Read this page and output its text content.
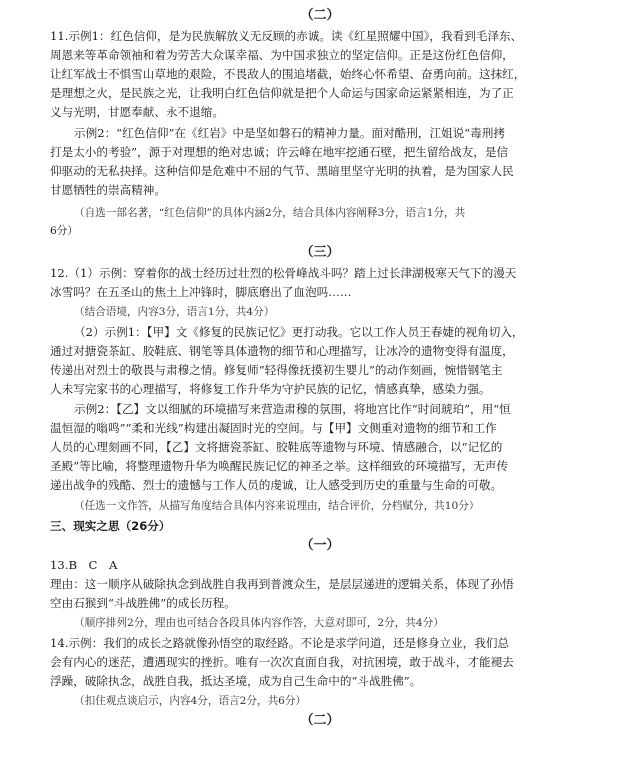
（二）
11.示例1：红色信仰，是为民族解放义无反顾的赤诚。读《红星照耀中国》，我看到毛泽东、
周恩来等革命领袖和着为劳苦大众谋幸福、为中国求独立的坚定信仰。正是这份红色信仰，
让红军战士不惧雪山草地的艰险，不畏敌人的围追堵截，始终心怀希望、奋勇向前。这抹红，
是理想之火，是民族之光，让我明白红色信仰就是把个人命运与国家命运紧紧相连，为了正
义与光明，甘愿奉献、永不退缩。
示例2：“红色信仰”在《红岩》中是坚如磐石的精神力量。面对酷刑，江姐说“毒刑拷
打是太小的考验”，源于对理想的绝对忠诚；许云峰在地牢挖通石壁，把生留给战友，是信
仰驱动的无私抉择。这种信仰是危难中不屈的气节、黑暗里坚守光明的执着，是为国家人民
甘愿牺牲的崇高精神。
（自选一部名著，“红色信仰”的具体内涵2分，结合具体内容阐释3分，语言1分，共
6分）
（三）
12.（1）示例：穿着你的战士经历过壮烈的松骨峰战斗吗？踏上过长津湖极寒天气下的漫天
冰雪吗？在五圣山的焦土上冲锋时，脚底磨出了血泡吗……
（结合语境，内容3分，语言1分，共4分）
（2）示例1：【甲】文《修复的民族记忆》更打动我。它以工作人员王春婕的视角切入，
通过对搪瓷茶缸、胶鞋底、钢笔等具体遗物的细节和心理描写，让冰冷的遗物变得有温度，
传递出对烈士的敬畏与肃穆之情。修复师“轻得像抚摸初生婴儿”的动作刻画，惋惜钢笔主
人未写完家书的心理描写，将修复工作升华为守护民族的记忆，情感真挚，感染力强。
示例2：【乙】文以细腻的环境描写来营造肃穆的氛围，将地宫比作“时间琥珀”，用“恒
温恒湿的嗡鸣”“柔和光线”构建出凝固时光的空间。与【甲】文侧重对遗物的细节和工作
人员的心理刻画不同，【乙】文将搪瓷茶缸、胶鞋底等遗物与环境、情感融合，以“记忆的
圣殿”等比喻，将整理遗物升华为唤醒民族记忆的神圣之举。这样细致的环境描写，无声传
递出战争的残酷、烈士的遗憾与工作人员的虔诚，让人感受到历史的重量与生命的可敬。
（任选一文作答，从描写角度结合具体内容来说理由，结合评价，分档赋分，共10分）
三、现实之思（26分）
（一）
13.B　C　A
理由：这一顺序从破除执念到战胜自我再到普渡众生，是层层递进的逻辑关系，体现了孙悟
空由石猴到“斗战胜佛”的成长历程。
（顺序排列2分，理由也可结合各段具体内容作答，大意对即可，2分，共4分）
14.示例：我们的成长之路就像孙悟空的取经路。不论是求学问道，还是修身立业，我们总
会有内心的迷茫，遭遇现实的挫折。唯有一次次直面自我，对抗困境，敢于战斗，才能褪去
浮躁，破除执念，战胜自我，抵达圣境，成为自己生命中的“斗战胜佛”。
（扣住观点谈启示，内容4分，语言2分，共6分）
（二）
